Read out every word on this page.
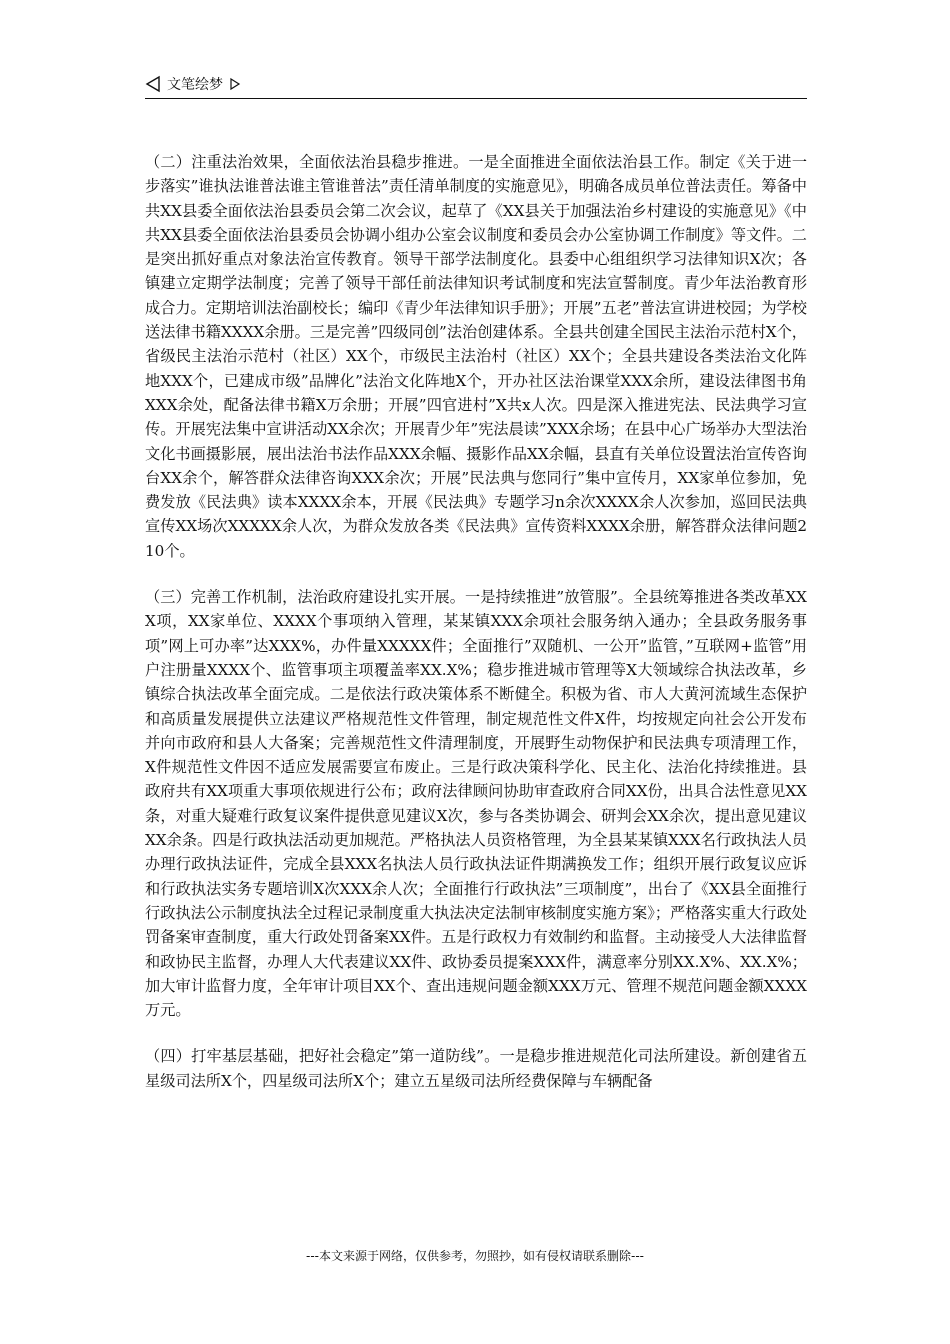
文笔绘梦

（二）注重法治效果，全面依法治县稳步推进。一是全面推进全面依法治县工作。制定《关于进一步落实”谁执法谁普法谁主管谁普法”责任清单制度的实施意见》，明确各成员单位普法责任。筹备中共XX县委全面依法治县委员会第二次会议，起草了《XX县关于加强法治乡村建设的实施意见》《中共XX县委全面依法治县委员会协调小组办公室会议制度和委员会办公室协调工作制度》等文件。二是突出抓好重点对象法治宣传教育。领导干部学法制度化。县委中心组组织学习法律知识X次；各镇建立定期学法制度；完善了领导干部任前法律知识考试制度和宪法宣誓制度。青少年法治教育形成合力。定期培训法治副校长；编印《青少年法律知识手册》；开展”五老”普法宣讲进校园；为学校送法律书籍XXXX余册。三是完善”四级同创”法治创建体系。全县共创建全国民主法治示范村X个，省级民主法治示范村（社区）XX个，市级民主法治村（社区）XX个；全县共建设各类法治文化阵地XXX个，已建成市级”品牌化”法治文化阵地X个，开办社区法治课堂XXX余所，建设法律图书角XXX余处，配备法律书籍X万余册；开展”四官进村”X共x人次。四是深入推进宪法、民法典学习宣传。开展宪法集中宣讲活动XX余次；开展青少年”宪法晨读”XXX余场；在县中心广场举办大型法治文化书画摄影展，展出法治书法作品XXX余幅、摄影作品XX余幅，县直有关单位设置法治宣传咨询台XX余个，解答群众法律咨询XXX余次；开展”民法典与您同行”集中宣传月，XX家单位参加，免费发放《民法典》读本XXXX余本，开展《民法典》专题学习n余次XXXX余人次参加，巡回民法典宣传XX场次XXXXX余人次，为群众发放各类《民法典》宣传资料XXXX余册，解答群众法律问题210个。

（三）完善工作机制，法治政府建设扎实开展。一是持续推进”放管服”。全县统筹推进各类改革XXX项，XX家单位、XXXX个事项纳入管理，某某镇XXX余项社会服务纳入通办；全县政务服务事项”网上可办率”达XXX%，办件量XXXXX件；全面推行”双随机、一公开”监管，”互联网+监管”用户注册量XXXX个、监管事项主项覆盖率XX.X%；稳步推进城市管理等X大领域综合执法改革，乡镇综合执法改革全面完成。二是依法行政决策体系不断健全。积极为省、市人大黄河流域生态保护和高质量发展提供立法建议严格规范性文件管理，制定规范性文件X件，均按规定向社会公开发布并向市政府和县人大备案；完善规范性文件清理制度，开展野生动物保护和民法典专项清理工作，X件规范性文件因不适应发展需要宣布废止。三是行政决策科学化、民主化、法治化持续推进。县政府共有XX项重大事项依规进行公布；政府法律顾问协助审查政府合同XX份，出具合法性意见XX条，对重大疑难行政复议案件提供意见建议X次，参与各类协调会、研判会XX余次，提出意见建议XX余条。四是行政执法活动更加规范。严格执法人员资格管理，为全县某某镇XXX名行政执法人员办理行政执法证件，完成全县XXX名执法人员行政执法证件期满换发工作；组织开展行政复议应诉和行政执法实务专题培训X次XXX余人次；全面推行行政执法”三项制度”，出台了《XX县全面推行行政执法公示制度执法全过程记录制度重大执法决定法制审核制度实施方案》；严格落实重大行政处罚备案审查制度，重大行政处罚备案XX件。五是行政权力有效制约和监督。主动接受人大法律监督和政协民主监督，办理人大代表建议XX件、政协委员提案XXX件，满意率分别XX.X%、XX.X%；加大审计监督力度，全年审计项目XX个、查出违规问题金额XXX万元、管理不规范问题金额XXXX万元。

（四）打牢基层基础，把好社会稳定”第一道防线”。一是稳步推进规范化司法所建设。新创建省五星级司法所X个，四星级司法所X个；建立五星级司法所经费保障与车辆配备

---本文来源于网络，仅供参考，勿照抄，如有侵权请联系删除---
